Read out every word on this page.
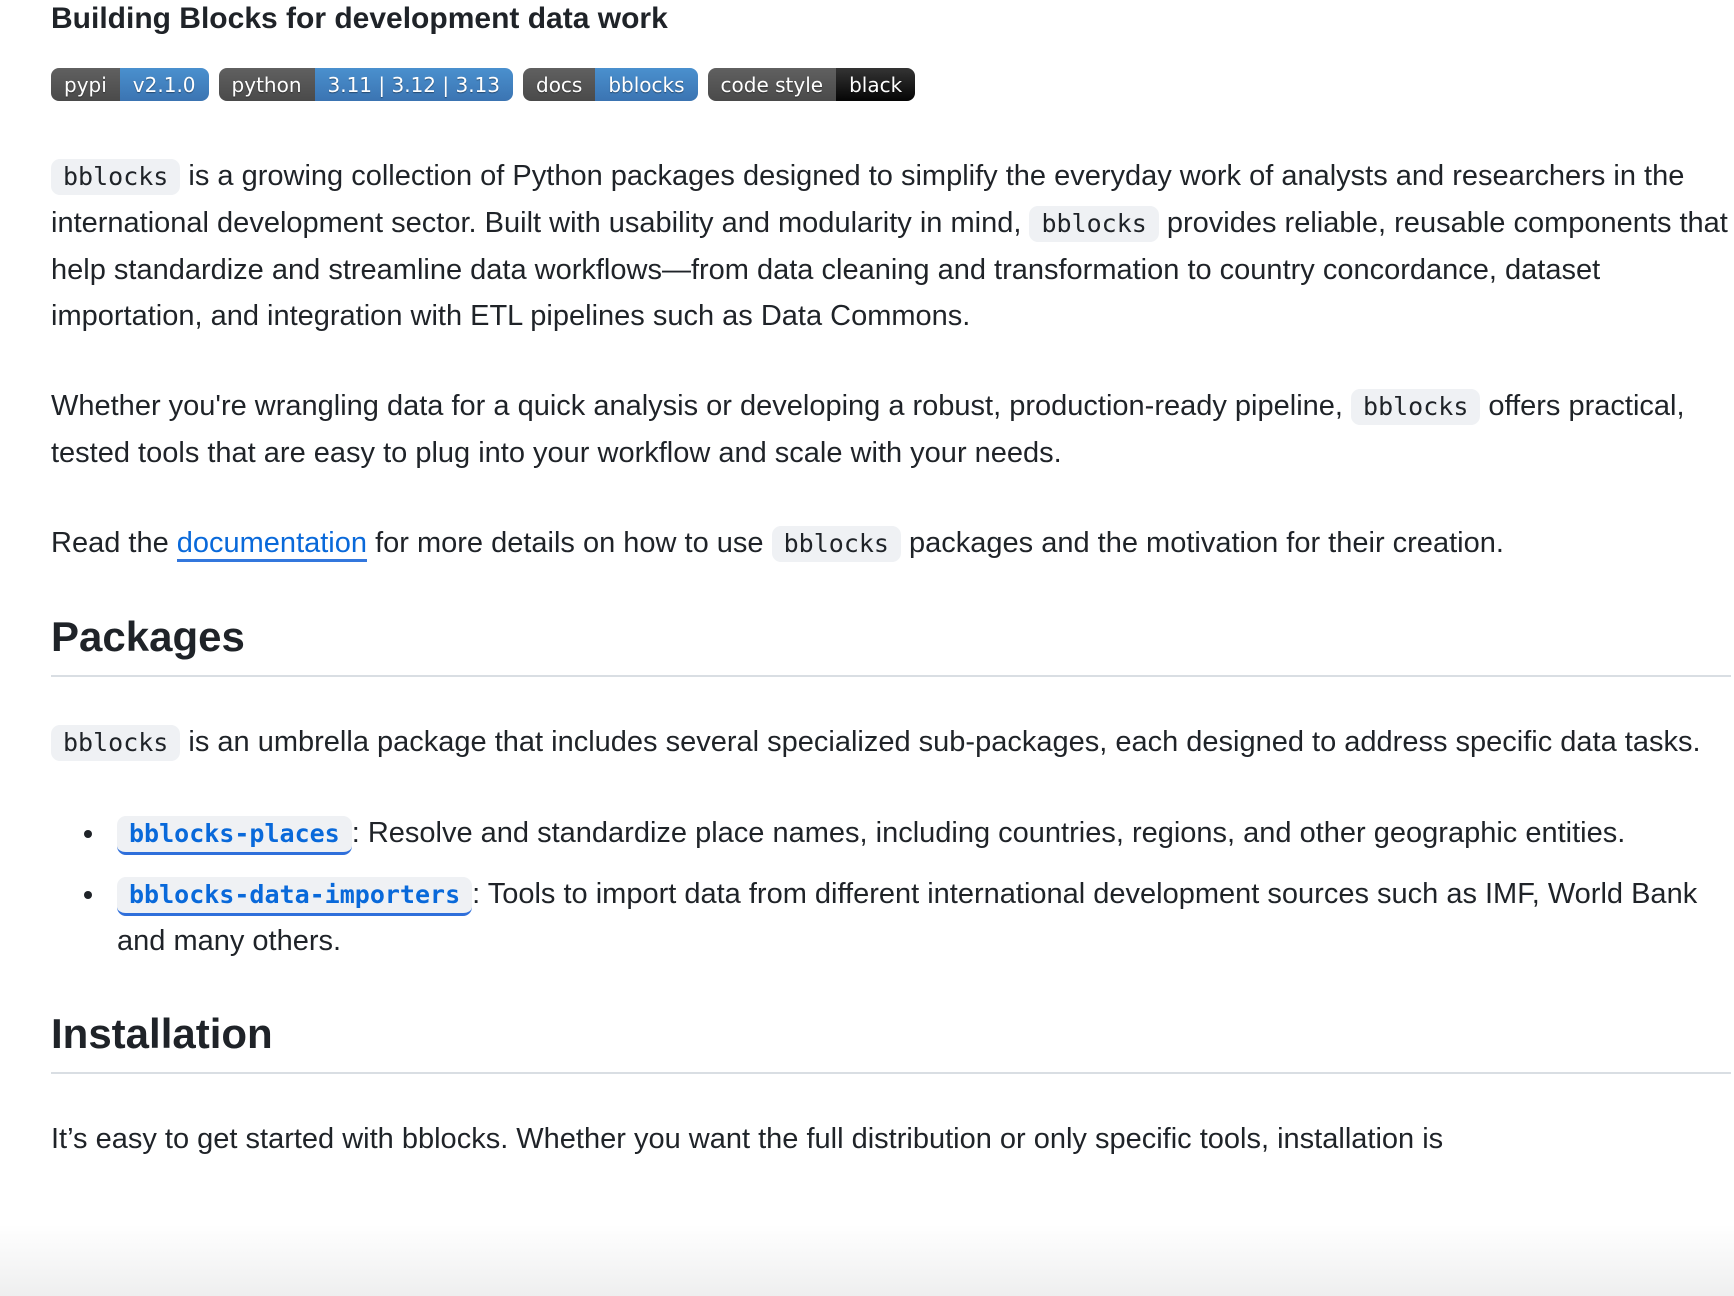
Building Blocks for development data work
pypi	v2.1.0	python	3.11 | 3.12 | 3.13	docs	bblocks	code style	black

bblocks is a growing collection of Python packages designed to simplify the everyday work of analysts and researchers in the international development sector. Built with usability and modularity in mind, bblocks provides reliable, reusable components that help standardize and streamline data workflows—from data cleaning and transformation to country concordance, dataset importation, and integration with ETL pipelines such as Data Commons.

Whether you're wrangling data for a quick analysis or developing a robust, production-ready pipeline, bblocks offers practical, tested tools that are easy to plug into your workflow and scale with your needs.

Read the documentation for more details on how to use bblocks packages and the motivation for their creation.

Packages

bblocks is an umbrella package that includes several specialized sub-packages, each designed to address specific data tasks.

• bblocks-places : Resolve and standardize place names, including countries, regions, and other geographic entities.
• bblocks-data-importers : Tools to import data from different international development sources such as IMF, World Bank and many others.
Installation

It’s easy to get started with bblocks. Whether you want the full distribution or only specific tools, installation is
